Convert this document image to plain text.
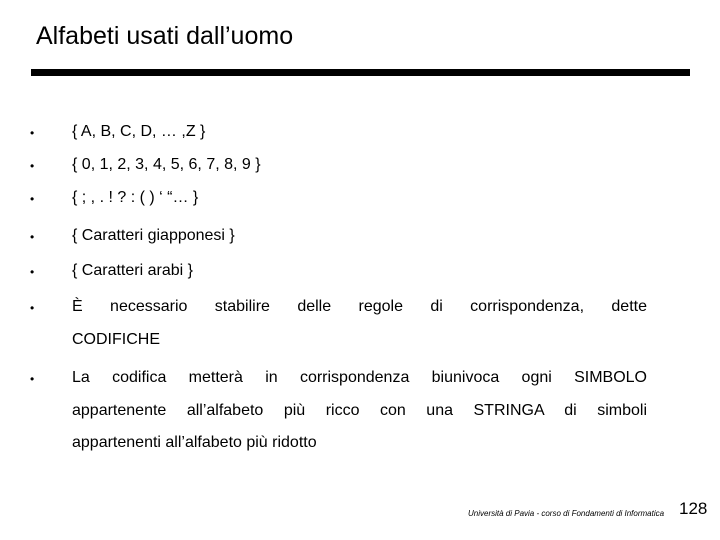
Alfabeti usati dall’uomo
• { A, B, C, D, … ,Z }
• { 0, 1, 2, 3, 4, 5, 6, 7, 8, 9 }
• { ; , . ! ? : ( ) ‘ “… }
• { Caratteri giapponesi }
• { Caratteri arabi }
• È necessario stabilire delle regole di corrispondenza, dette
CODIFICHE
• La codifica metterà in corrispondenza biunivoca ogni SIMBOLO
appartenente all’alfabeto più ricco con una STRINGA di simboli
appartenenti all’alfabeto più ridotto
Università di Pavia - corso di Fondamenti di Informatica 128
